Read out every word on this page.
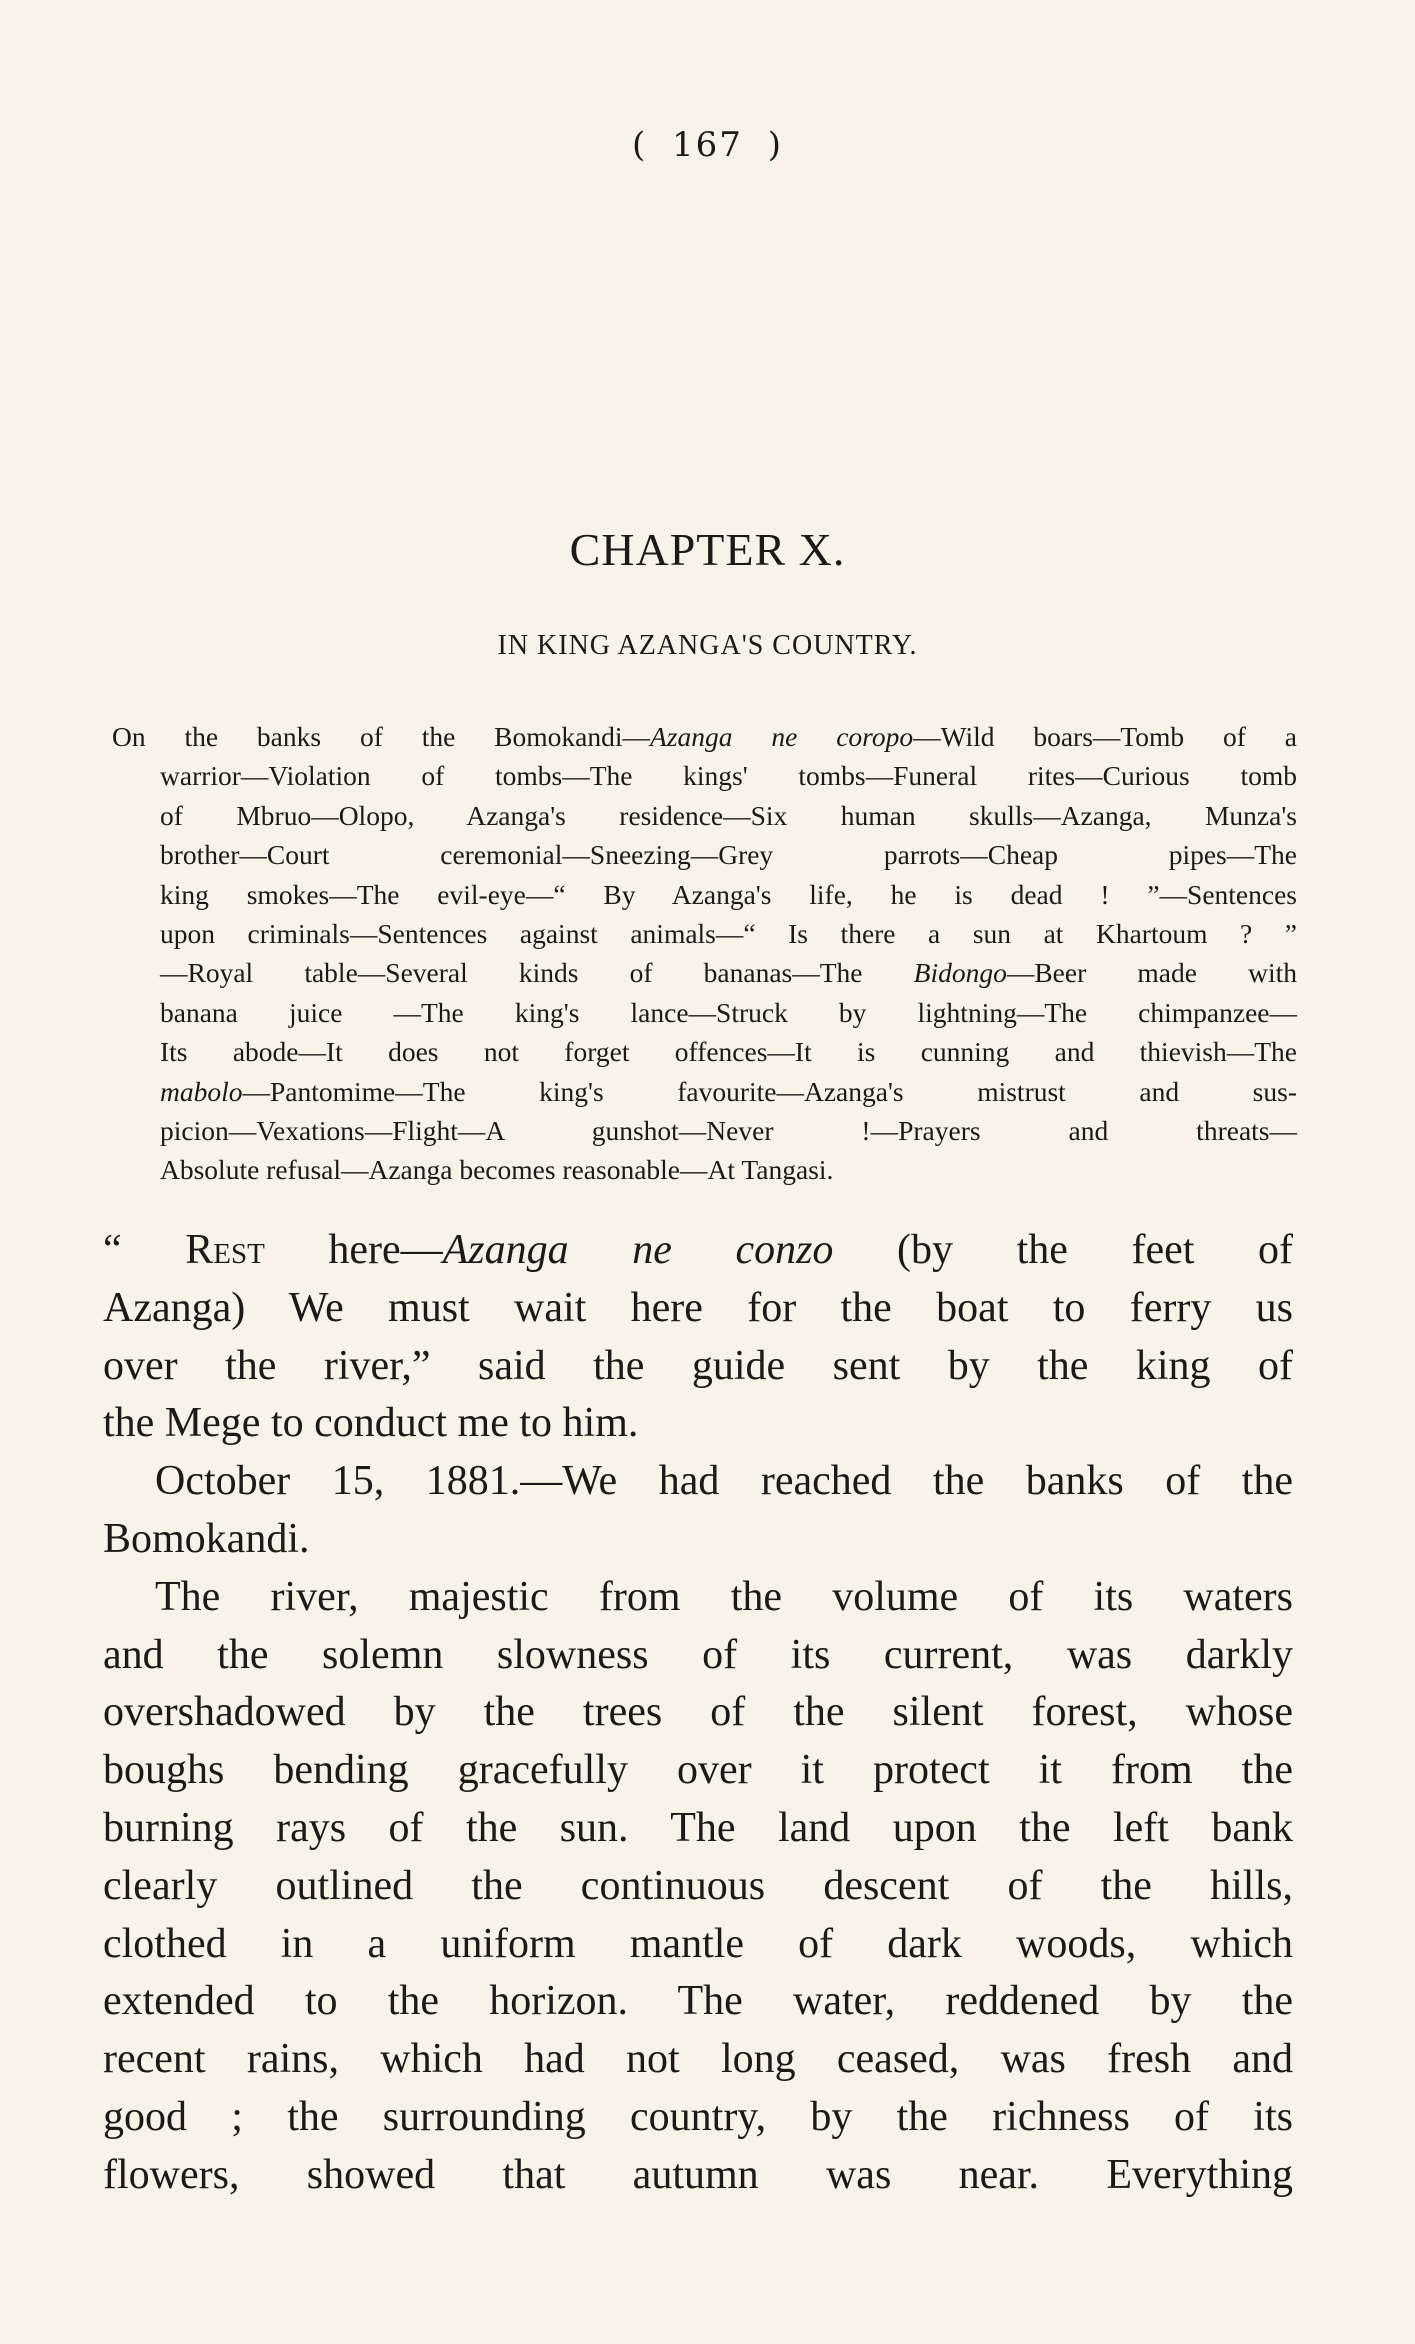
( 167 )
CHAPTER X.
IN KING AZANGA'S COUNTRY.
On the banks of the Bomokandi—Azanga ne coropo—Wild boars—Tomb of a
warrior—Violation of tombs—The kings' tombs—Funeral rites—Curious tomb
of Mbruo—Olopo, Azanga's residence—Six human skulls—Azanga, Munza's
brother—Court ceremonial—Sneezing—Grey parrots—Cheap pipes—The
king smokes—The evil-eye—“ By Azanga's life, he is dead ! ”—Sentences
upon criminals—Sentences against animals—“ Is there a sun at Khartoum ? ”
—Royal table—Several kinds of bananas—The Bidongo—Beer made with
banana juice —The king's lance—Struck by lightning—The chimpanzee—
Its abode—It does not forget offences—It is cunning and thievish—The
mabolo—Pantomime—The king's favourite—Azanga's mistrust and sus-
picion—Vexations—Flight—A gunshot—Never !—Prayers and threats—
Absolute refusal—Azanga becomes reasonable—At Tangasi.
“ Rest here—Azanga ne conzo (by the feet of
Azanga) We must wait here for the boat to ferry us
over the river,” said the guide sent by the king of
the Mege to conduct me to him.
October 15, 1881.—We had reached the banks of the
Bomokandi.
The river, majestic from the volume of its waters
and the solemn slowness of its current, was darkly
overshadowed by the trees of the silent forest, whose
boughs bending gracefully over it protect it from the
burning rays of the sun. The land upon the left bank
clearly outlined the continuous descent of the hills,
clothed in a uniform mantle of dark woods, which
extended to the horizon. The water, reddened by the
recent rains, which had not long ceased, was fresh and
good ; the surrounding country, by the richness of its
flowers, showed that autumn was near. Everything
